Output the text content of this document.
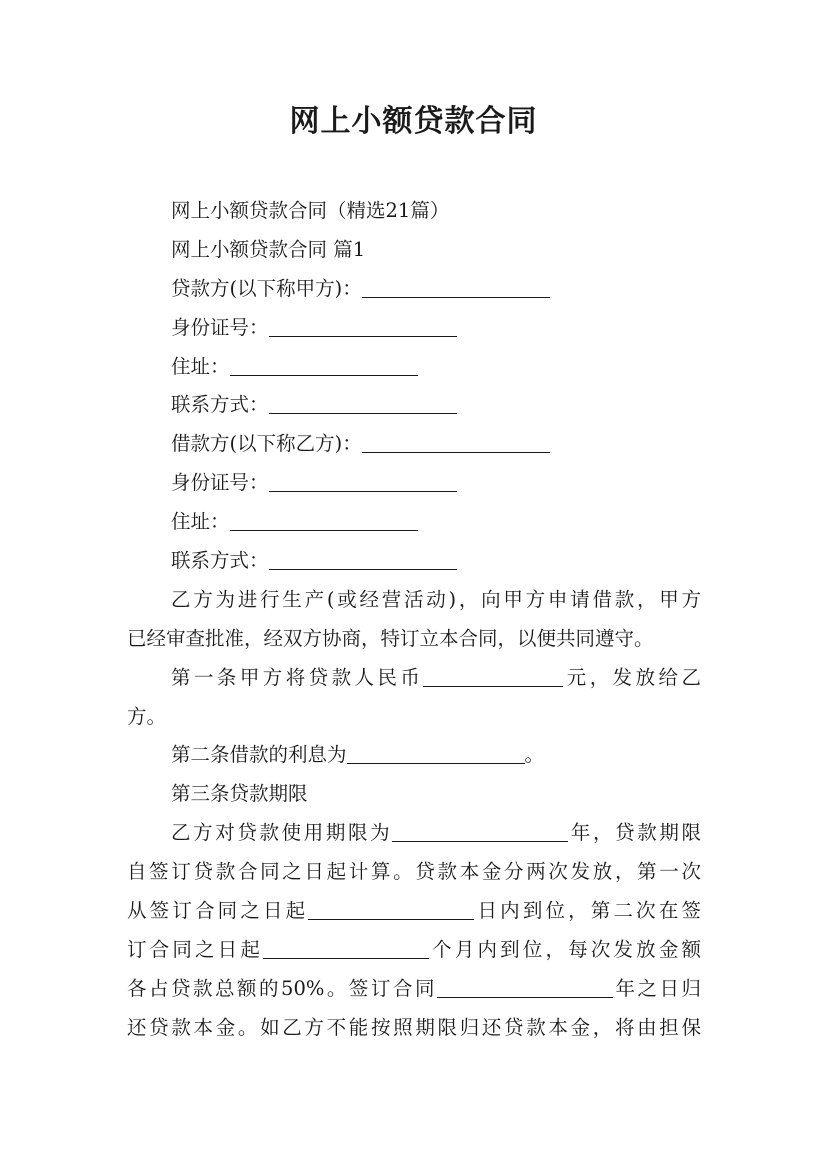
网上小额贷款合同
网上小额贷款合同（精选21篇）
网上小额贷款合同 篇1
贷款方(以下称甲方)：
身份证号：
住址：
联系方式：
借款方(以下称乙方)：
身份证号：
住址：
联系方式：
乙方为进行生产(或经营活动)，向甲方申请借款，甲方
已经审查批准，经双方协商，特订立本合同，以便共同遵守。
第一条甲方将贷款人民币	元，发放给乙
方。
第二条借款的利息为	。
第三条贷款期限
乙方对贷款使用期限为	年，贷款期限
自签订贷款合同之日起计算。贷款本金分两次发放，第一次
从签订合同之日起	日内到位，第二次在签
订合同之日起	个月内到位，每次发放金额
各占贷款总额的50%。签订合同	年之日归
还贷款本金。如乙方不能按照期限归还贷款本金，将由担保
